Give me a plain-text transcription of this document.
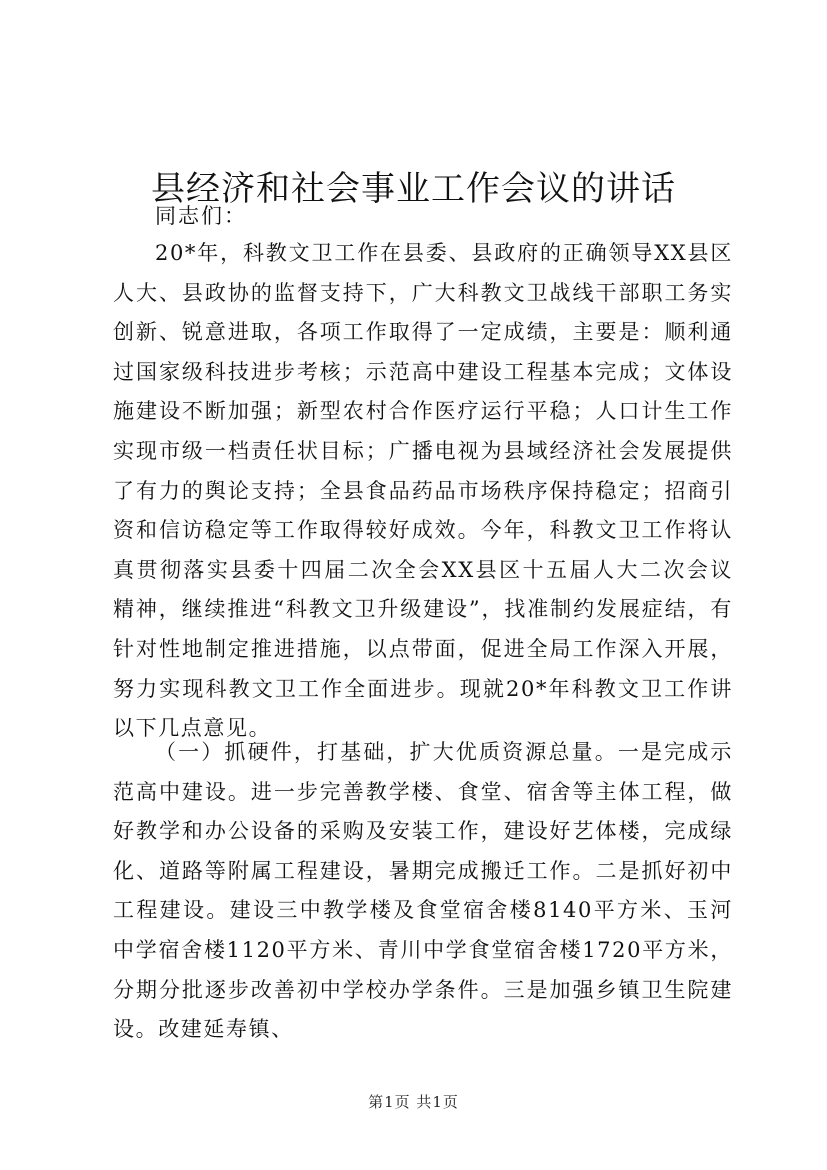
县经济和社会事业工作会议的讲话

同志们：

20*年，科教文卫工作在县委、县政府的正确领导XX县区人大、县政协的监督支持下，广大科教文卫战线干部职工务实创新、锐意进取，各项工作取得了一定成绩，主要是：顺利通过国家级科技进步考核；示范高中建设工程基本完成；文体设施建设不断加强；新型农村合作医疗运行平稳；人口计生工作实现市级一档责任状目标；广播电视为县域经济社会发展提供了有力的舆论支持；全县食品药品市场秩序保持稳定；招商引资和信访稳定等工作取得较好成效。今年，科教文卫工作将认真贯彻落实县委十四届二次全会XX县区十五届人大二次会议精神，继续推进“科教文卫升级建设”，找准制约发展症结，有针对性地制定推进措施，以点带面，促进全局工作深入开展，努力实现科教文卫工作全面进步。现就20*年科教文卫工作讲以下几点意见。

（一）抓硬件，打基础，扩大优质资源总量。一是完成示范高中建设。进一步完善教学楼、食堂、宿舍等主体工程，做好教学和办公设备的采购及安装工作，建设好艺体楼，完成绿化、道路等附属工程建设，暑期完成搬迁工作。二是抓好初中工程建设。建设三中教学楼及食堂宿舍楼8140平方米、玉河中学宿舍楼1120平方米、青川中学食堂宿舍楼1720平方米，分期分批逐步改善初中学校办学条件。三是加强乡镇卫生院建设。改建延寿镇、

第1页 共1页
